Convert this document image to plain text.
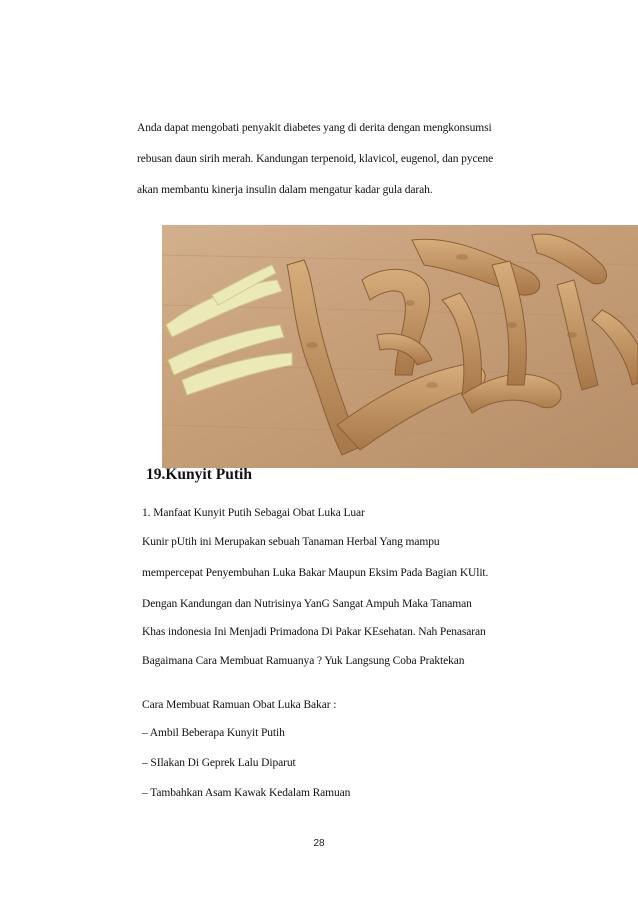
Anda dapat mengobati penyakit diabetes yang di derita dengan mengkonsumsi
rebusan daun sirih merah. Kandungan terpenoid, klavicol, eugenol, dan pycene
akan membantu kinerja insulin dalam mengatur kadar gula darah.
19.Kunyit Putih
1. Manfaat Kunyit Putih Sebagai Obat Luka Luar
Kunir pUtih ini Merupakan sebuah Tanaman Herbal Yang mampu
mempercepat Penyembuhan Luka Bakar Maupun Eksim Pada Bagian KUlit.
Dengan Kandungan dan Nutrisinya YanG Sangat Ampuh Maka Tanaman
Khas indonesia Ini Menjadi Primadona Di Pakar KEsehatan. Nah Penasaran
Bagaimana Cara Membuat Ramuanya ? Yuk Langsung Coba Praktekan
Cara Membuat Ramuan Obat Luka Bakar :
– Ambil Beberapa Kunyit Putih
– SIlakan Di Geprek Lalu Diparut
– Tambahkan Asam Kawak Kedalam Ramuan
28
